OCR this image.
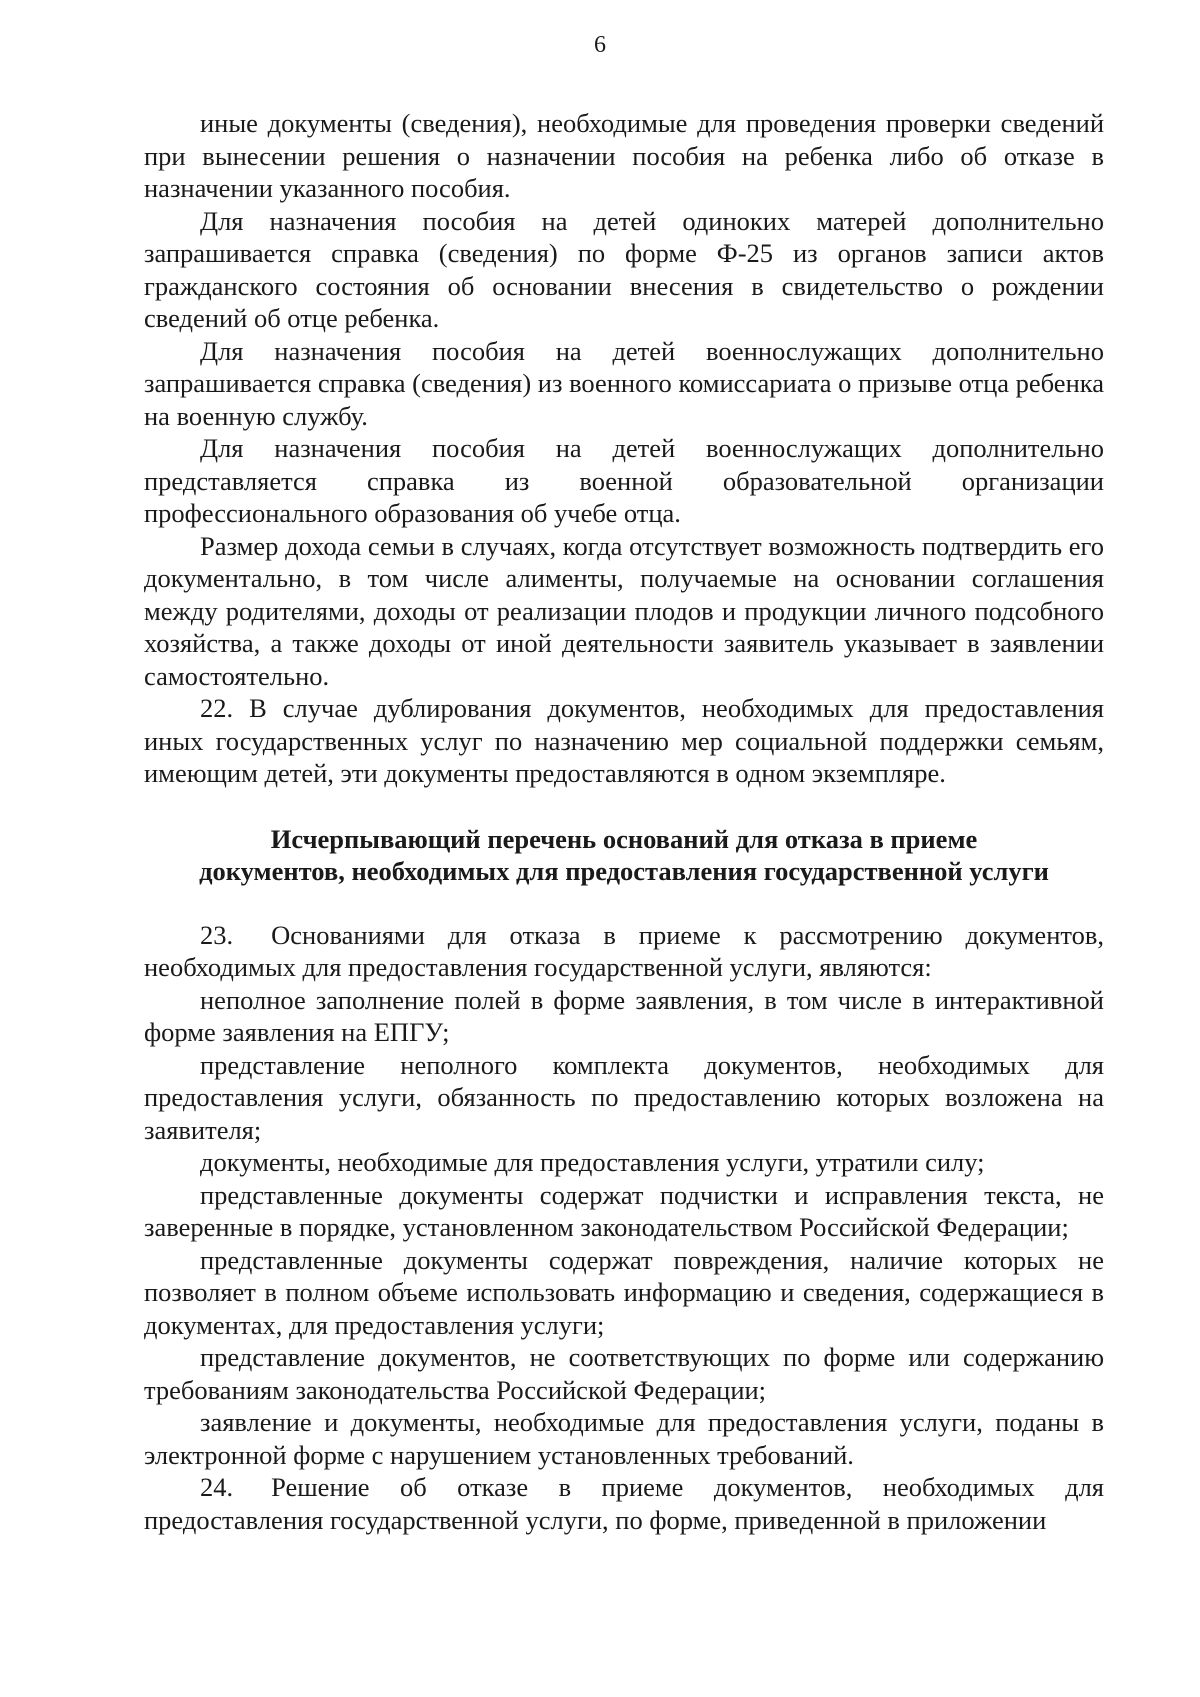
6

иные документы (сведения), необходимые для проведения проверки сведений при вынесении решения о назначении пособия на ребенка либо об отказе в назначении указанного пособия.

Для назначения пособия на детей одиноких матерей дополнительно запрашивается справка (сведения) по форме Ф-25 из органов записи актов гражданского состояния об основании внесения в свидетельство о рождении сведений об отце ребенка.

Для назначения пособия на детей военнослужащих дополнительно запрашивается справка (сведения) из военного комиссариата о призыве отца ребенка на военную службу.

Для назначения пособия на детей военнослужащих дополнительно представляется справка из военной образовательной организации профессионального образования об учебе отца.

Размер дохода семьи в случаях, когда отсутствует возможность подтвердить его документально, в том числе алименты, получаемые на основании соглашения между родителями, доходы от реализации плодов и продукции личного подсобного хозяйства, а также доходы от иной деятельности заявитель указывает в заявлении самостоятельно.

22. В случае дублирования документов, необходимых для предоставления иных государственных услуг по назначению мер социальной поддержки семьям, имеющим детей, эти документы предоставляются в одном экземпляре.

Исчерпывающий перечень оснований для отказа в приеме
документов, необходимых для предоставления государственной услуги

23. Основаниями для отказа в приеме к рассмотрению документов, необходимых для предоставления государственной услуги, являются:

неполное заполнение полей в форме заявления, в том числе в интерактивной форме заявления на ЕПГУ;

представление неполного комплекта документов, необходимых для предоставления услуги, обязанность по предоставлению которых возложена на заявителя;

документы, необходимые для предоставления услуги, утратили силу;

представленные документы содержат подчистки и исправления текста, не заверенные в порядке, установленном законодательством Российской Федерации;

представленные документы содержат повреждения, наличие которых не позволяет в полном объеме использовать информацию и сведения, содержащиеся в документах, для предоставления услуги;

представление документов, не соответствующих по форме или содержанию требованиям законодательства Российской Федерации;

заявление и документы, необходимые для предоставления услуги, поданы в электронной форме с нарушением установленных требований.

24. Решение об отказе в приеме документов, необходимых для предоставления государственной услуги, по форме, приведенной в приложении
